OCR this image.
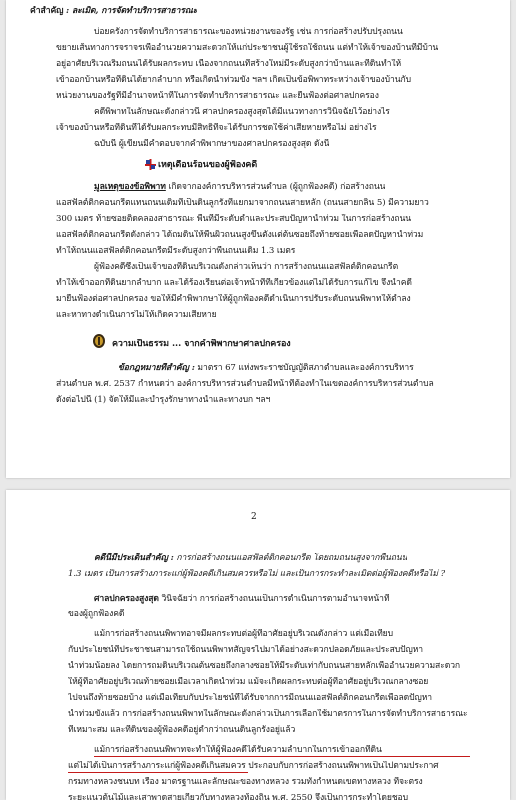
คำสำคัญ : ละเมิด, การจัดทำบริการสาธารณะ
บ่อยครั้งการจัดทำบริการสาธารณะของหน่วยงานของรัฐ เช่น การก่อสร้างปรับปรุงถนน
ขยายเส้นทางการจราจรเพื่ออำนวยความสะดวกให้แก่ประชาชนผู้ใช้รถใช้ถนน แต่ทำให้เจ้าของบ้านที่มีบ้าน
อยู่อาศัยบริเวณริมถนนได้รับผลกระทบ เนื่องจากถนนที่สร้างใหม่มีระดับสูงกว่าบ้านและที่ดินทำให้
เข้าออกบ้านหรือที่ดินได้ยากลำบาก หรือเกิดน้ำท่วมขัง ฯลฯ เกิดเป็นข้อพิพาทระหว่างเจ้าของบ้านกับ
หน่วยงานของรัฐที่มีอำนาจหน้าที่ในการจัดทำบริการสาธารณะ และยื่นฟ้องต่อศาลปกครอง
คดีพิพาทในลักษณะดังกล่าวนี้ ศาลปกครองสูงสุดได้มีแนวทางการวินิจฉัยไว้อย่างไร
เจ้าของบ้านหรือที่ดินที่ได้รับผลกระทบมีสิทธิที่จะได้รับการชดใช้ค่าเสียหายหรือไม่ อย่างไร
ฉบับนี้ ผู้เขียนมีคำตอบจากคำพิพากษาของศาลปกครองสูงสุด ดังนี้
เหตุเดือนร้อนของผู้ฟ้องคดี
มูลเหตุของข้อพิพาท เกิดจากองค์การบริหารส่วนตำบล (ผู้ถูกฟ้องคดี) ก่อสร้างถนน
แอสฟัลต์ติกคอนกรีตแทนถนนเดิมที่เป็นดินลูกรังที่แยกมาจากถนนสายหลัก (ถนนสายกลิ่น 5) มีความยาว
300 เมตร ท้ายซอยติดคลองสาธารณะ พื้นที่มีระดับต่ำและประสบปัญหาน้ำท่วม ในการก่อสร้างถนน
แอสฟัลต์ติกคอนกรีตดังกล่าว ได้ถมดินให้พื้นผิวถนนสูงขึ้นตั้งแต่ต้นซอยถึงท้ายซอยเพื่อลดปัญหาน้ำท่วม
ทำให้ถนนแอสฟัลต์ติกคอนกรีตมีระดับสูงกว่าพื้นถนนเดิม 1.3 เมตร
ผู้ฟ้องคดีซึ่งเป็นเจ้าของที่ดินบริเวณดังกล่าวเห็นว่า การสร้างถนนแอสฟัลต์ติกคอนกรีต
ทำให้เข้าออกที่ดินยากลำบาก และได้ร้องเรียนต่อเจ้าหน้าที่ที่เกี่ยวข้องแต่ไม่ได้รับการแก้ไข จึงนำคดี
มายื่นฟ้องต่อศาลปกครอง ขอให้มีคำพิพากษาให้ผู้ถูกฟ้องคดีดำเนินการปรับระดับถนนพิพาทให้ต่ำลง
และหาทางดำเนินการไม่ให้เกิดความเสียหาย
ความเป็นธรรม ... จากคำพิพากษาศาลปกครอง
ข้อกฎหมายที่สำคัญ : มาตรา 67 แห่งพระราชบัญญัติสภาตำบลและองค์การบริหาร
ส่วนตำบล พ.ศ. 2537 กำหนดว่า องค์การบริหารส่วนตำบลมีหน้าที่ต้องทำในเขตองค์การบริหารส่วนตำบล
ดังต่อไปนี้ (1) จัดให้มีและบำรุงรักษาทางน้ำและทางบก ฯลฯ
2
คดีนี้มีประเด็นสำคัญ : การก่อสร้างถนนแอสฟัลต์ติกคอนกรีต โดยถมถนนสูงจากพื้นถนน
1.3 เมตร เป็นการสร้างภาระแก่ผู้ฟ้องคดีเกินสมควรหรือไม่ และเป็นการกระทำละเมิดต่อผู้ฟ้องคดีหรือไม่ ?
ศาลปกครองสูงสุด วินิจฉัยว่า การก่อสร้างถนนเป็นการดำเนินการตามอำนาจหน้าที่
ของผู้ถูกฟ้องคดี
แม้การก่อสร้างถนนพิพาทอาจมีผลกระทบต่อผู้ที่อาศัยอยู่บริเวณดังกล่าว แต่เมื่อเทียบ
กับประโยชน์ที่ประชาชนสามารถใช้ถนนพิพาทสัญจรไปมาได้อย่างสะดวกปลอดภัยและประสบปัญหา
น้ำท่วมน้อยลง โดยการถมดินบริเวณต้นซอยถึงกลางซอยให้มีระดับเท่ากับถนนสายหลักเพื่ออำนวยความสะดวก
ให้ผู้ที่อาศัยอยู่บริเวณท้ายซอยเมื่อเวลาเกิดน้ำท่วม แม้จะเกิดผลกระทบต่อผู้ที่อาศัยอยู่บริเวณกลางซอย
ไปจนถึงท้ายซอยบ้าง แต่เมื่อเทียบกับประโยชน์ที่ได้รับจากการมีถนนแอสฟัลต์ติกคอนกรีตเพื่อลดปัญหา
น้ำท่วมขังแล้ว การก่อสร้างถนนพิพาทในลักษณะดังกล่าวเป็นการเลือกใช้มาตรการในการจัดทำบริการสาธารณะ
ที่เหมาะสม และที่ดินของผู้ฟ้องคดีอยู่ต่ำกว่าถนนดินลูกรังอยู่แล้ว
แม้การก่อสร้างถนนพิพาทจะทำให้ผู้ฟ้องคดีได้รับความลำบากในการเข้าออกที่ดิน
แต่ไม่ได้เป็นการสร้างภาระแก่ผู้ฟ้องคดีเกินสมควร ประกอบกับการก่อสร้างถนนพิพาทเป็นไปตามประกาศ
กรมทางหลวงชนบท เรื่อง มาตรฐานและลักษณะของทางหลวง รวมทั้งกำหนดเขตทางหลวง ที่จะตรง
ระยะแนวต้นไม้และเสาพาดสายเกี่ยวกับทางหลวงท้องถิ่น พ.ศ. 2550 จึงเป็นการกระทำโดยชอบ
